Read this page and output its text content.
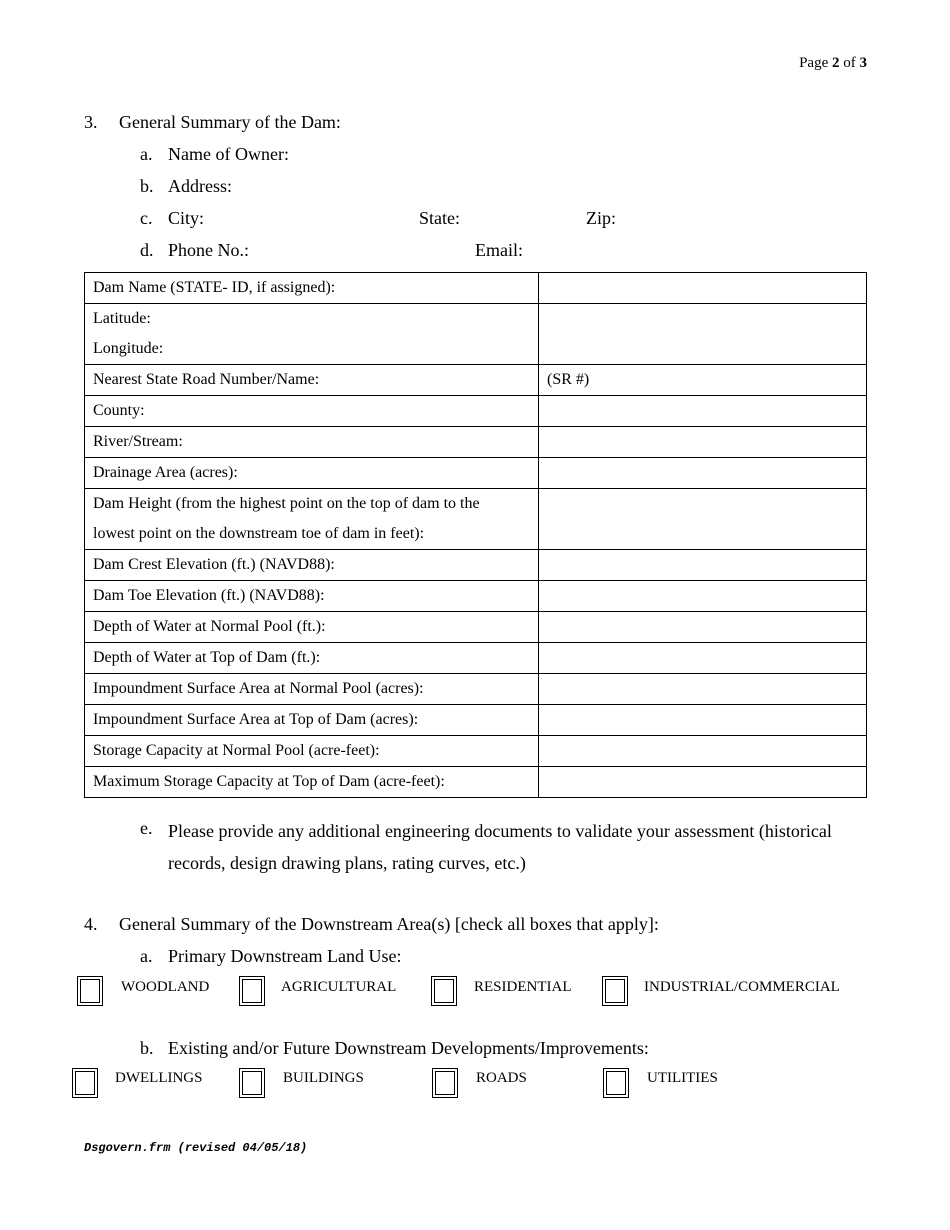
Page 2 of 3
3. General Summary of the Dam:
a. Name of Owner:
b. Address:
c. City:	State:	Zip:
d. Phone No.:	Email:
Dam Name (STATE- ID, if assigned):	

Latitude:
Longitude:	

Nearest State Road Number/Name:	(SR #)
County:	
River/Stream:	
Drainage Area (acres):	

Dam Height (from the highest point on the top of dam to the
lowest point on the downstream toe of dam in feet):	

Dam Crest Elevation (ft.) (NAVD88):	
Dam Toe Elevation (ft.) (NAVD88):	
Depth of Water at Normal Pool (ft.):	
Depth of Water at Top of Dam (ft.):	
Impoundment Surface Area at Normal Pool (acres):	
Impoundment Surface Area at Top of Dam (acres):	
Storage Capacity at Normal Pool (acre-feet):	
Maximum Storage Capacity at Top of Dam (acre-feet):	
e. Please provide any additional engineering documents to validate your assessment (historical records, design drawing plans, rating curves, etc.)
4. General Summary of the Downstream Area(s) [check all boxes that apply]:
a. Primary Downstream Land Use:
WOODLAND	AGRICULTURAL	RESIDENTIAL	INDUSTRIAL/COMMERCIAL
b. Existing and/or Future Downstream Developments/Improvements:
DWELLINGS	BUILDINGS	ROADS	UTILITIES
Dsgovern.frm (revised 04/05/18)
